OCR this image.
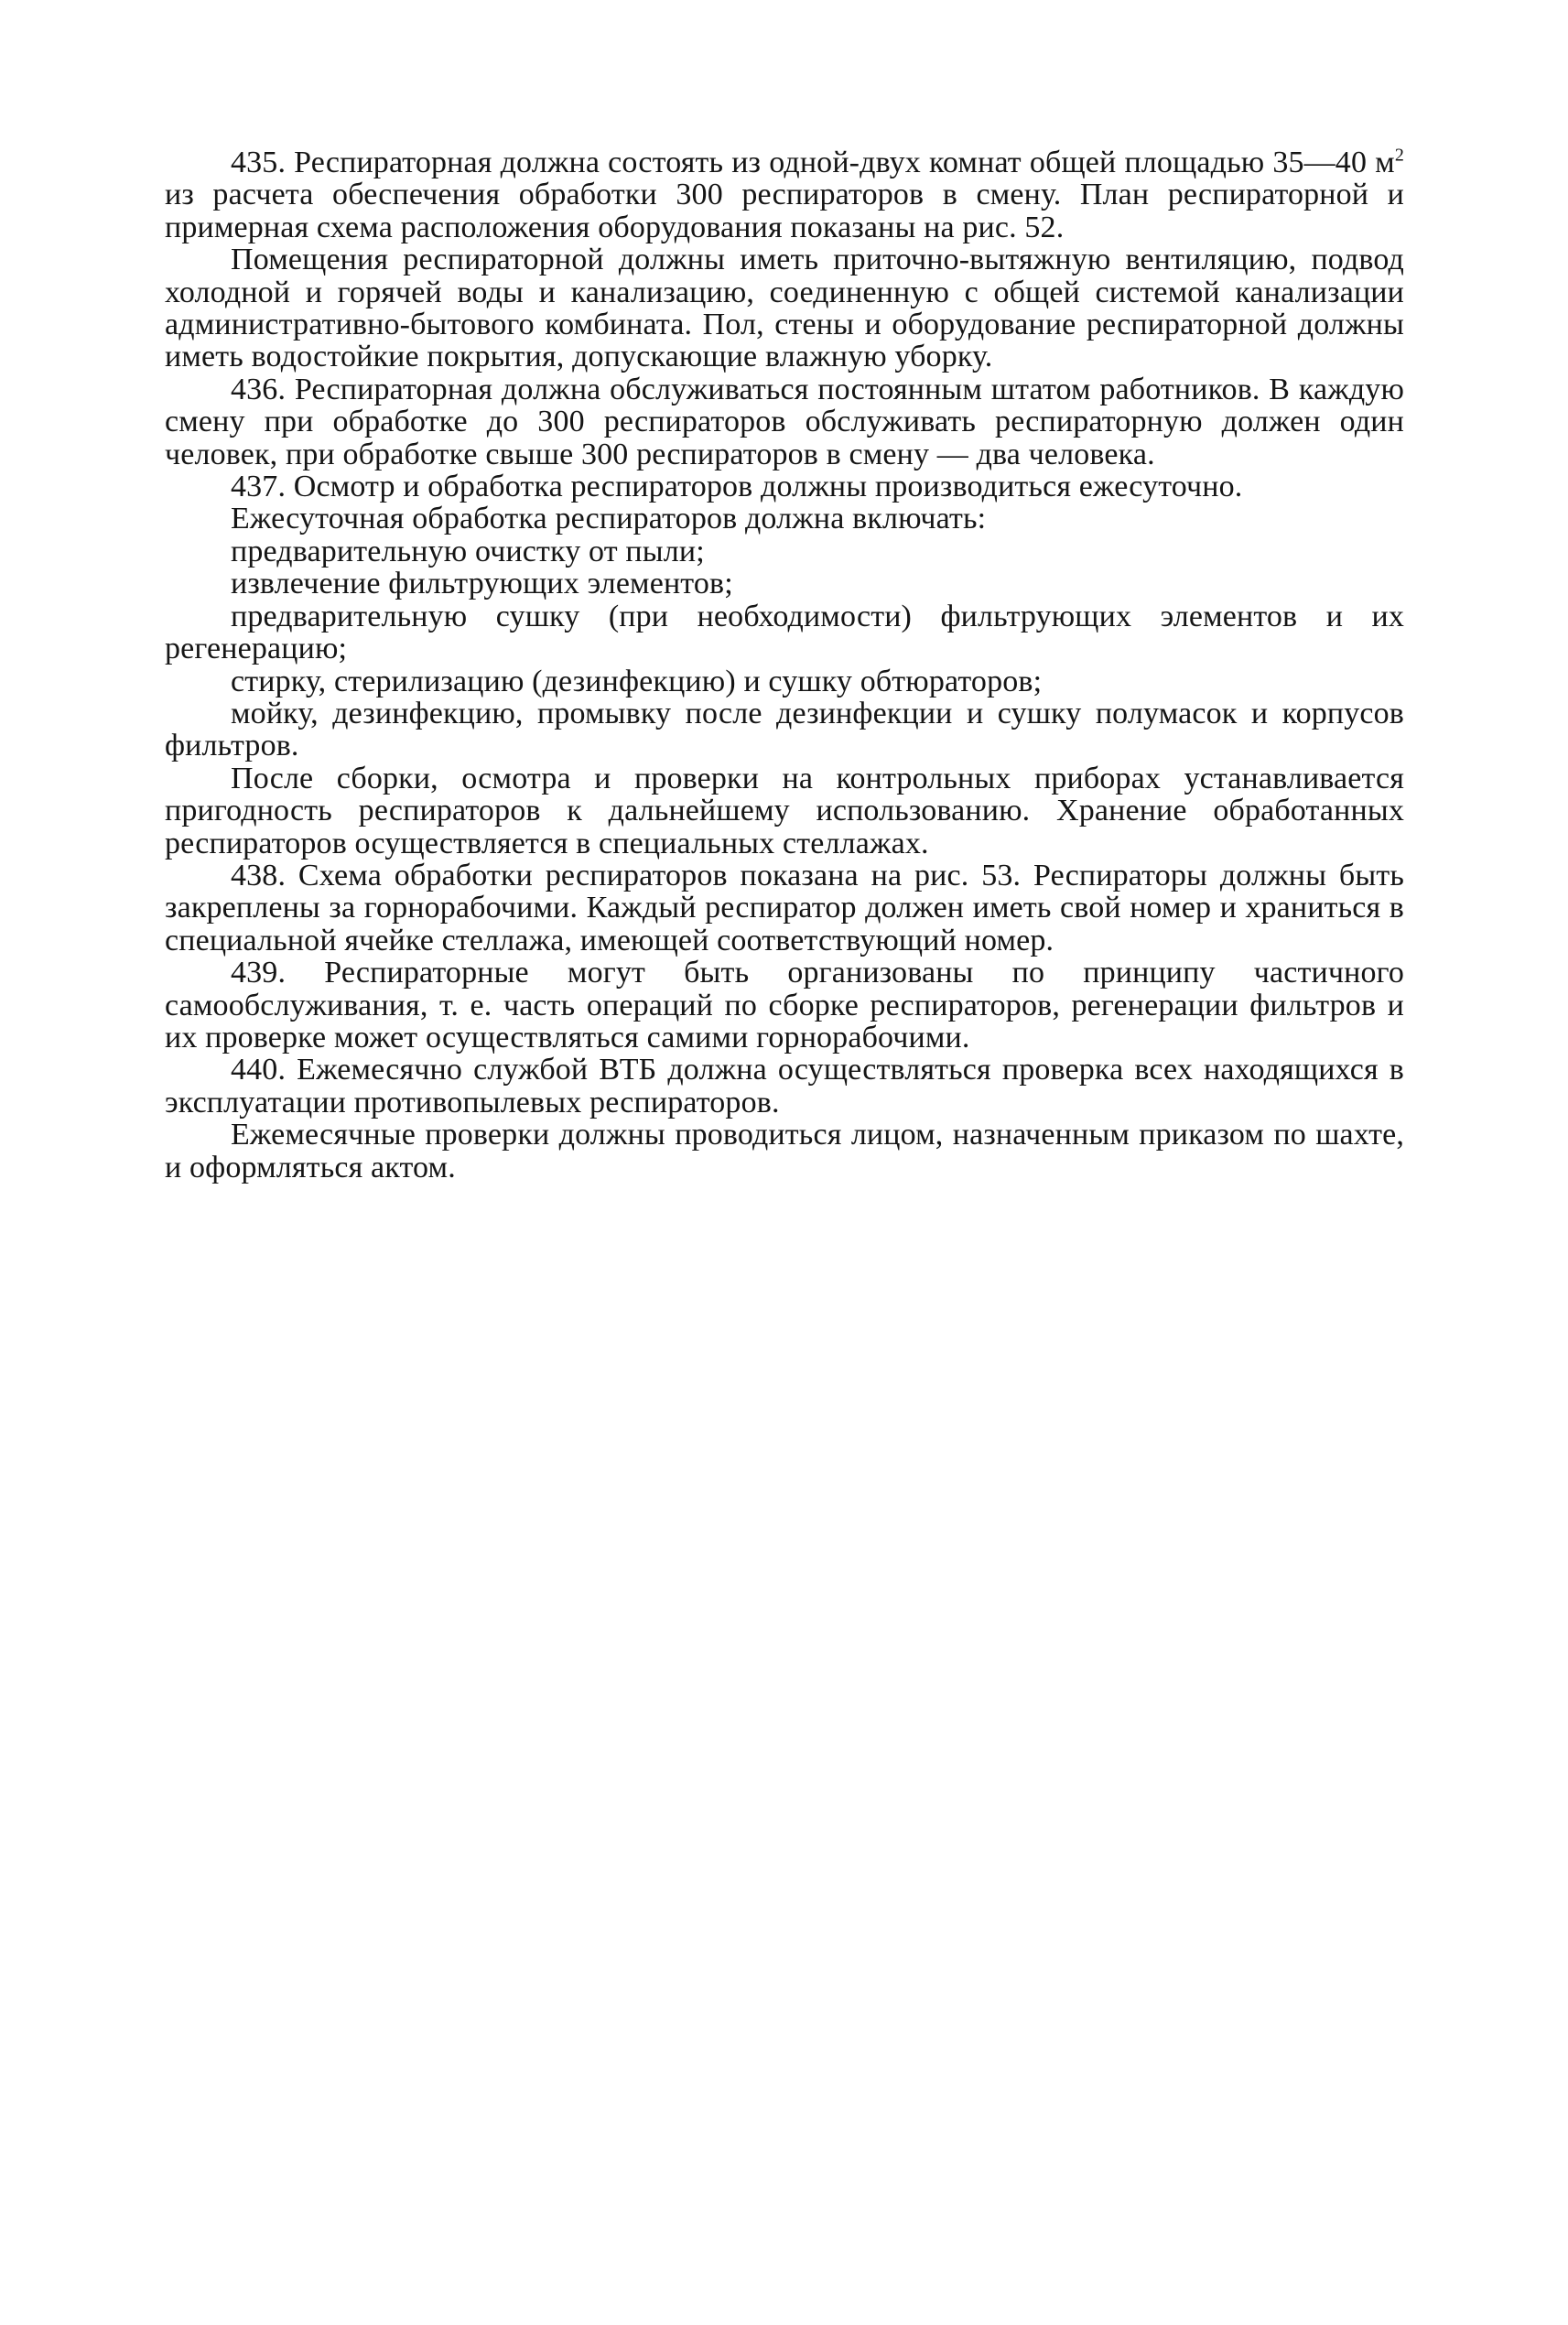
435. Респираторная должна состоять из одной-двух комнат общей площадью 35—40 $м^2$ из расчета обеспечения обработки 300 респираторов в смену. План респираторной и примерная схема расположения оборудования показаны на рис. 52.

Помещения респираторной должны иметь приточно-вытяжную вентиляцию, подвод холодной и горячей воды и канализацию, соединенную с общей системой канализации административно-бытового комбината. Пол, стены и оборудование респираторной должны иметь водостойкие покрытия, допускающие влажную уборку.

436. Респираторная должна обслуживаться постоянным штатом работников. В каждую смену при обработке до 300 респираторов обслуживать респираторную должен один человек, при обработке свыше 300 респираторов в смену — два человека.

437. Осмотр и обработка респираторов должны производиться ежесуточно.

Ежесуточная обработка респираторов должна включать:

предварительную очистку от пыли;

извлечение фильтрующих элементов;

предварительную сушку (при необходимости) фильтрующих элементов и их регенерацию;

стирку, стерилизацию (дезинфекцию) и сушку обтюраторов;

мойку, дезинфекцию, промывку после дезинфекции и сушку полумасок и корпусов фильтров.

После сборки, осмотра и проверки на контрольных приборах устанавливается пригодность респираторов к дальнейшему использованию. Хранение обработанных респираторов осуществляется в специальных стеллажах.

438. Схема обработки респираторов показана на рис. 53. Респираторы должны быть закреплены за горнорабочими. Каждый респиратор должен иметь свой номер и храниться в специальной ячейке стеллажа, имеющей соответствующий номер.

439. Респираторные могут быть организованы по принципу частичного самообслуживания, т. е. часть операций по сборке респираторов, регенерации фильтров и их проверке может осуществляться самими горнорабочими.

440. Ежемесячно службой ВТБ должна осуществляться проверка всех находящихся в эксплуатации противопылевых респираторов.

Ежемесячные проверки должны проводиться лицом, назначенным приказом по шахте, и оформляться актом.
